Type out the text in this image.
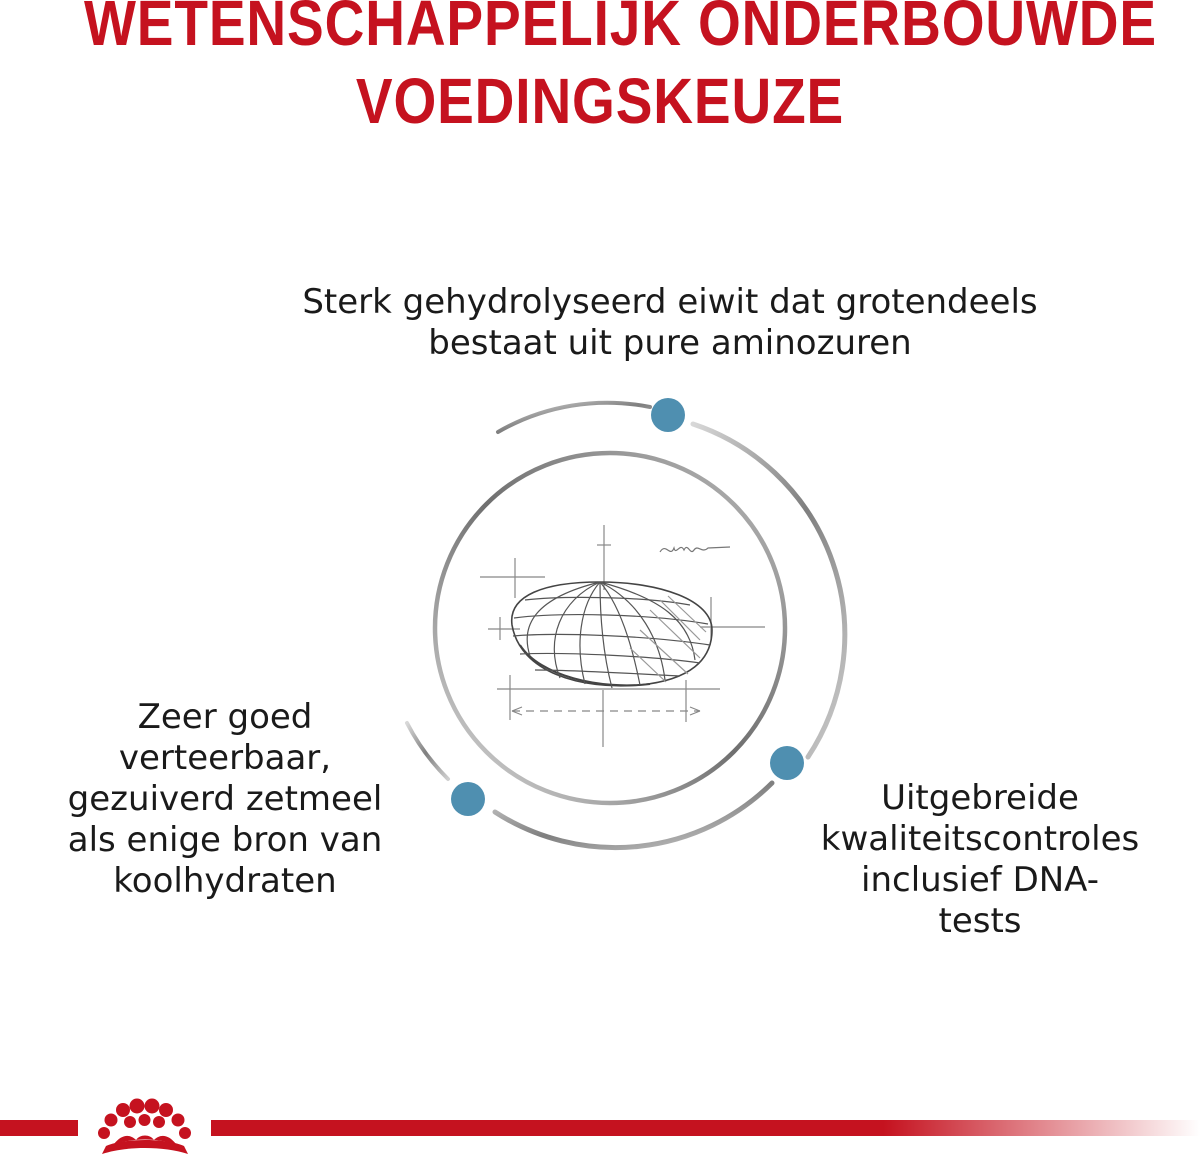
WETENSCHAPPELIJK ONDERBOUWDE
VOEDINGSKEUZE

Sterk gehydrolyseerd eiwit dat grotendeels
bestaat uit pure aminozuren

Zeer goed
verteerbaar,
gezuiverd zetmeel
als enige bron van
koolhydraten

Uitgebreide
kwaliteitscontroles
inclusief DNA-
tests
